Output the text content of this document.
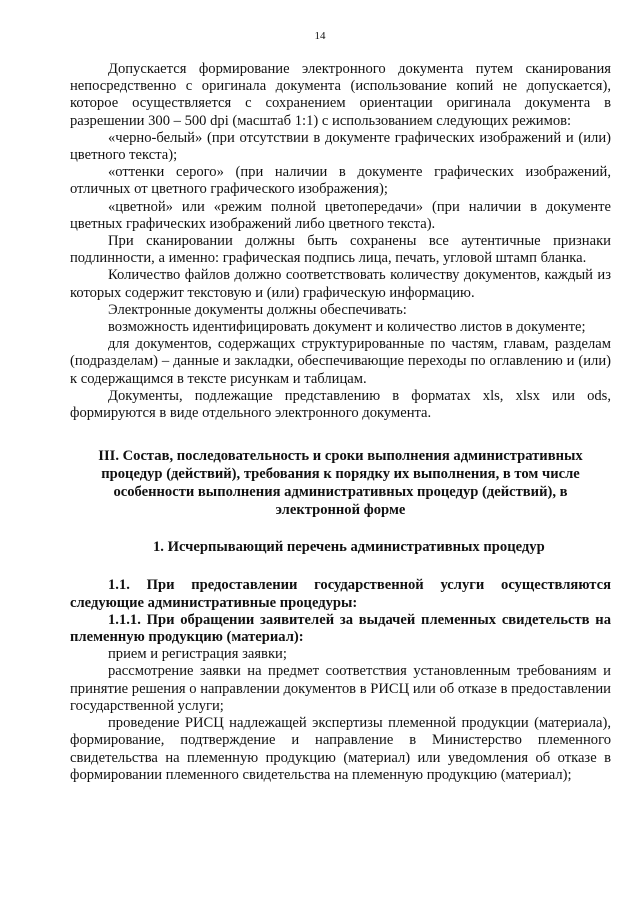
14

Допускается формирование электронного документа путем сканирования непосредственно с оригинала документа (использование копий не допускается), которое осуществляется с сохранением ориентации оригинала документа в разрешении 300 – 500 dpi (масштаб 1:1) с использованием следующих режимов:

«черно-белый» (при отсутствии в документе графических изображений и (или) цветного текста);

«оттенки серого» (при наличии в документе графических изображений, отличных от цветного графического изображения);

«цветной» или «режим полной цветопередачи» (при наличии в документе цветных графических изображений либо цветного текста).

При сканировании должны быть сохранены все аутентичные признаки подлинности, а именно: графическая подпись лица, печать, угловой штамп бланка.

Количество файлов должно соответствовать количеству документов, каждый из которых содержит текстовую и (или) графическую информацию.

Электронные документы должны обеспечивать:

возможность идентифицировать документ и количество листов в документе;

для документов, содержащих структурированные по частям, главам, разделам (подразделам) – данные и закладки, обеспечивающие переходы по оглавлению и (или) к содержащимся в тексте рисункам и таблицам.

Документы, подлежащие представлению в форматах xls, xlsx или ods, формируются в виде отдельного электронного документа.

III. Состав, последовательность и сроки выполнения административных процедур (действий), требования к порядку их выполнения, в том числе особенности выполнения административных процедур (действий), в электронной форме

1. Исчерпывающий перечень административных процедур

1.1. При предоставлении государственной услуги осуществляются следующие административные процедуры:

1.1.1. При обращении заявителей за выдачей племенных свидетельств на племенную продукцию (материал):

прием и регистрация заявки;

рассмотрение заявки на предмет соответствия установленным требованиям и принятие решения о направлении документов в РИСЦ или об отказе в предоставлении государственной услуги;

проведение РИСЦ надлежащей экспертизы племенной продукции (материала), формирование, подтверждение и направление в Министерство племенного свидетельства на племенную продукцию (материал) или уведомления об отказе в формировании племенного свидетельства на племенную продукцию (материал);
